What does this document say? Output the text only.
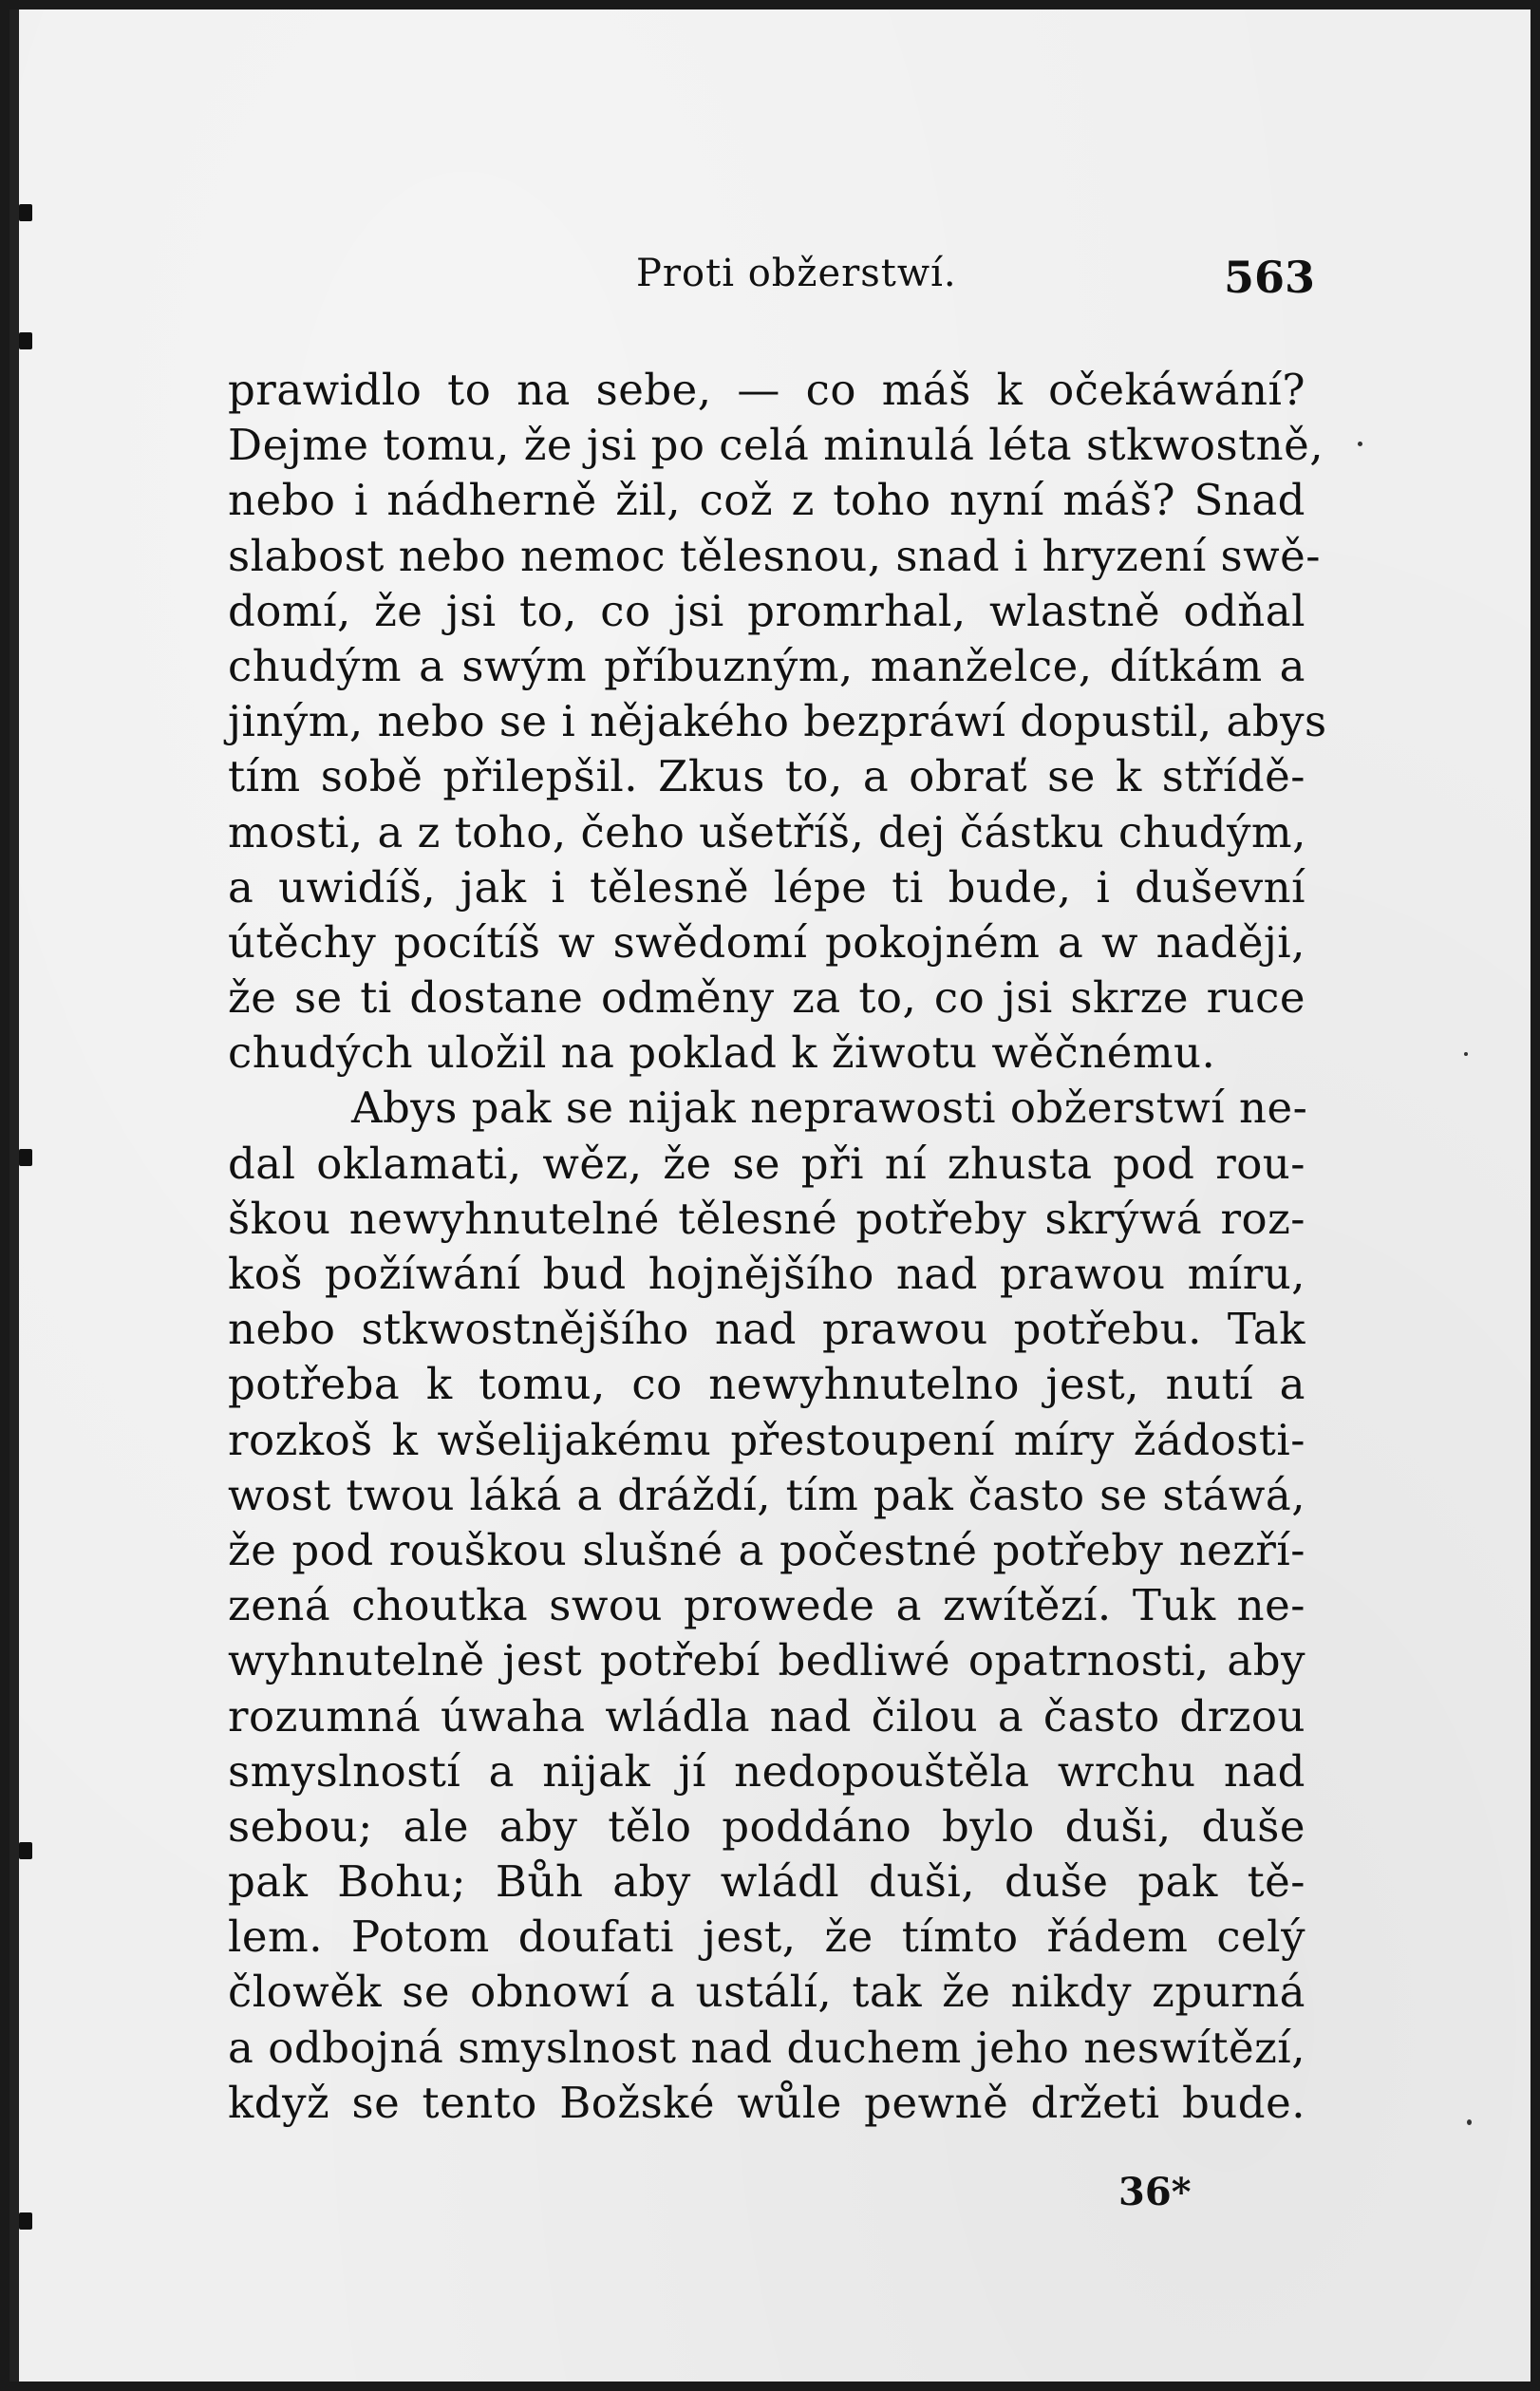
Proti obžerstwí.	563
prawidlo to na sebe, — co máš k očekáwání?
Dejme tomu, že jsi po celá minulá léta stkwostně,
nebo i nádherně žil, což z toho nyní máš? Snad
slabost nebo nemoc tělesnou, snad i hryzení swě-
domí, že jsi to, co jsi promrhal, wlastně odňal
chudým a swým příbuzným, manželce, dítkám a
jiným, nebo se i nějakého bezpráwí dopustil, abys
tím sobě přilepšil. Zkus to, a obrať se k střídě-
mosti, a z toho, čeho ušetříš, dej částku chudým,
a uwidíš, jak i tělesně lépe ti bude, i duševní
útěchy pocítíš w swědomí pokojném a w naději,
že se ti dostane odměny za to, co jsi skrze ruce
chudých uložil na poklad k žiwotu wěčnému.
Abys pak se nijak neprawosti obžerstwí ne-
dal oklamati, wěz, že se při ní zhusta pod rou-
škou newyhnutelné tělesné potřeby skrýwá roz-
koš požíwání bud hojnějšího nad prawou míru,
nebo stkwostnějšího nad prawou potřebu. Tak
potřeba k tomu, co newyhnutelno jest, nutí a
rozkoš k wšelijakému přestoupení míry žádosti-
wost twou láká a dráždí, tím pak často se stáwá,
že pod rouškou slušné a počestné potřeby nezří-
zená choutka swou prowede a zwítězí. Tuk ne-
wyhnutelně jest potřebí bedliwé opatrnosti, aby
rozumná úwaha wládla nad čilou a často drzou
smyslností a nijak jí nedopouštěla wrchu nad
sebou; ale aby tělo poddáno bylo duši, duše
pak Bohu; Bůh aby wládl duši, duše pak tě-
lem. Potom doufati jest, že tímto řádem celý
člowěk se obnowí a ustálí, tak že nikdy zpurná
a odbojná smyslnost nad duchem jeho neswítězí,
když se tento Božské wůle pewně držeti bude.
36*
